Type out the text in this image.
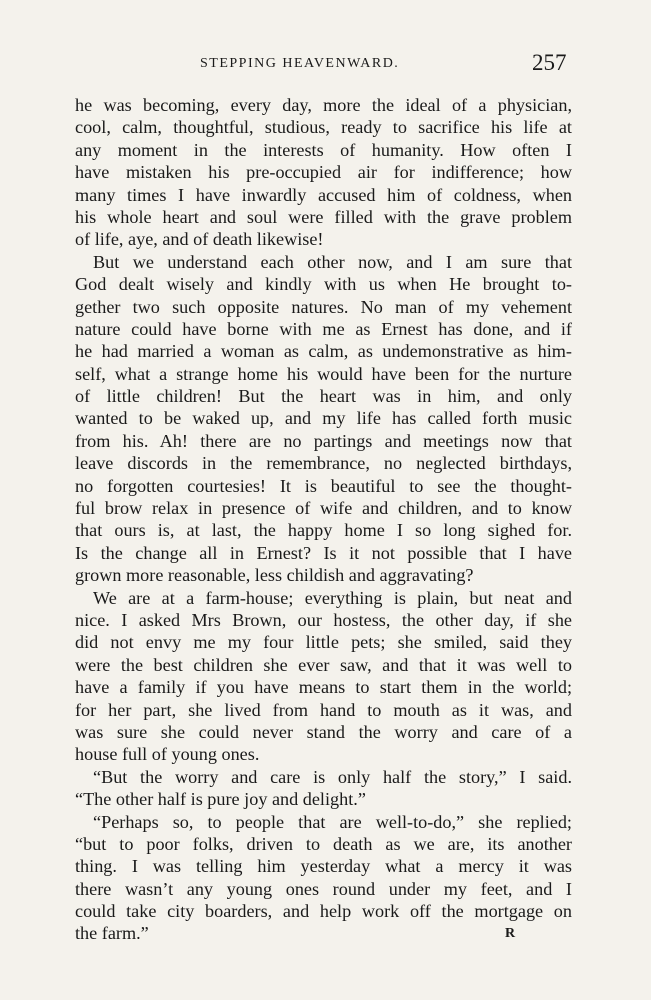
STEPPING HEAVENWARD.	257
he was becoming, every day, more the ideal of a physician,
cool, calm, thoughtful, studious, ready to sacrifice his life at
any moment in the interests of humanity. How often I
have mistaken his pre-occupied air for indifference; how
many times I have inwardly accused him of coldness, when
his whole heart and soul were filled with the grave problem
of life, aye, and of death likewise!
But we understand each other now, and I am sure that
God dealt wisely and kindly with us when He brought to-
gether two such opposite natures. No man of my vehement
nature could have borne with me as Ernest has done, and if
he had married a woman as calm, as undemonstrative as him-
self, what a strange home his would have been for the nurture
of little children! But the heart was in him, and only
wanted to be waked up, and my life has called forth music
from his. Ah! there are no partings and meetings now that
leave discords in the remembrance, no neglected birthdays,
no forgotten courtesies! It is beautiful to see the thought-
ful brow relax in presence of wife and children, and to know
that ours is, at last, the happy home I so long sighed for.
Is the change all in Ernest? Is it not possible that I have
grown more reasonable, less childish and aggravating?
We are at a farm-house; everything is plain, but neat and
nice. I asked Mrs Brown, our hostess, the other day, if she
did not envy me my four little pets; she smiled, said they
were the best children she ever saw, and that it was well to
have a family if you have means to start them in the world;
for her part, she lived from hand to mouth as it was, and
was sure she could never stand the worry and care of a
house full of young ones.
“But the worry and care is only half the story,” I said.
“The other half is pure joy and delight.”
“Perhaps so, to people that are well-to-do,” she replied;
“but to poor folks, driven to death as we are, its another
thing. I was telling him yesterday what a mercy it was
there wasn’t any young ones round under my feet, and I
could take city boarders, and help work off the mortgage on
the farm.”	R
